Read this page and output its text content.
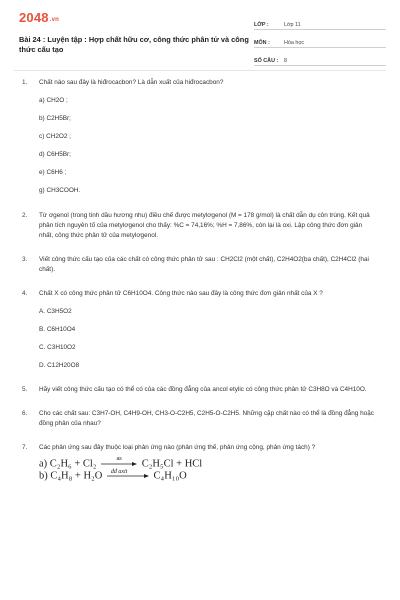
2048.vn
Bài 24 : Luyện tập : Hợp chất hữu cơ, công thức phân tử và công thức cấu tạo
LỚP :	Lớp 11
MÔN :	Hóa học
SỐ CÂU :	8
1.	Chất nào sau đây là hiđrocacbon? Là dẫn xuất của hiđrocacbon?
a) CH2O ;
b) C2H5Br;
c) CH2O2 ;
d) C6H5Br;
e) C6H6 ;
g) CH3COOH.
2.	Từ ơgenol (trong tinh dầu hương nhu) điều chế được metylơgenol (M = 178 g/mol) là chất dẫn dụ côn trùng. Kết quả phân tích nguyên tố của metylơgenol cho thấy: %C = 74,16%; %H = 7,86%, còn lại là oxi. Lập công thức đơn giản nhất, công thức phân tử của metylơgenol.
3.	Viết công thức cấu tạo của các chất có công thức phân tử sau : CH2Cl2 (một chất), C2H4O2(ba chất), C2H4Cl2 (hai chất).
4.	Chất X có công thức phân tử C6H10O4. Công thức nào sau đây là công thức đơn giản nhất của X ?
A. C3H5O2
B. C6H10O4
C. C3H10O2
D. C12H20O8
5.	Hãy viết công thức cấu tạo có thể có của các đồng đẳng của ancol etylic có công thức phân tử C3H8O và C4H10O.
6.	Cho các chất sau: C3H7-OH, C4H9-OH, CH3-O-C2H5, C2H5-O-C2H5. Những cặp chất nào có thể là đồng đẳng hoặc đồng phân của nhau?
7.	Các phản ứng sau đây thuộc loại phản ứng nào (phản ứng thế, phản ứng cộng, phản ứng tách) ?
a) C₂H₆ + Cl₂	as
đđ axit
C₂H₅Cl + HCl
b) C₄H₈ + H₂O → C₄H₁₀O
